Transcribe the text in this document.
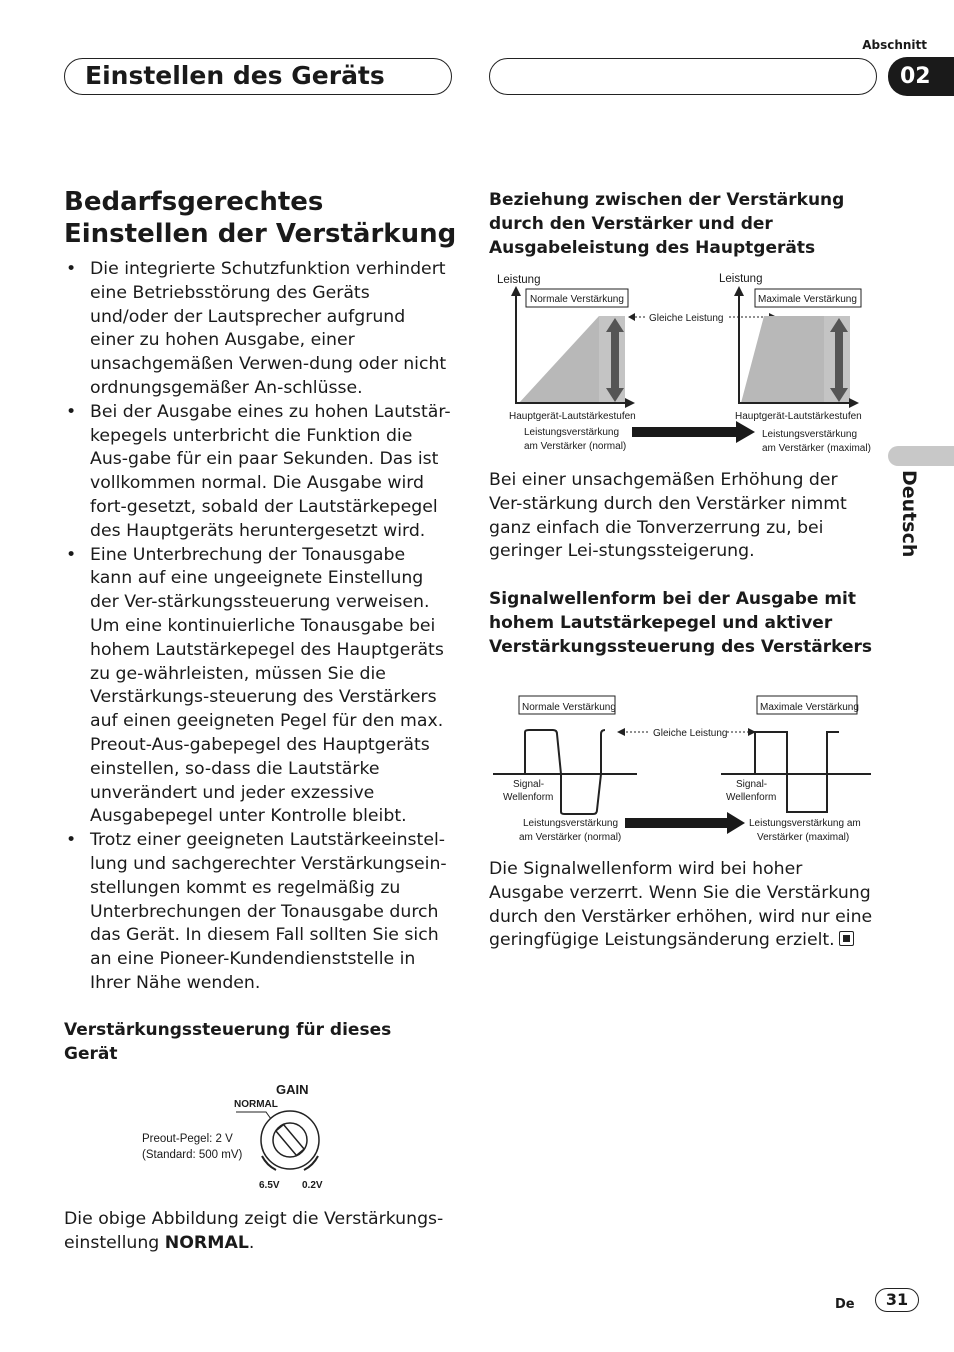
Einstellen des Geräts
Abschnitt
02
Deutsch
Bedarfsgerechtes
Einstellen der Verstärkung
• Die integrierte Schutzfunktion verhindert eine Betriebsstörung des Geräts und/oder der Lautsprecher aufgrund einer zu hohen Ausgabe, einer unsachgemäßen Verwen-dung oder nicht ordnungsgemäßer An-schlüsse.
• Bei der Ausgabe eines zu hohen Lautstär-kepegels unterbricht die Funktion die Aus-gabe für ein paar Sekunden. Das ist vollkommen normal. Die Ausgabe wird fort-gesetzt, sobald der Lautstärkepegel des Hauptgeräts heruntergesetzt wird.
• Eine Unterbrechung der Tonausgabe kann auf eine ungeeignete Einstellung der Ver-stärkungssteuerung verweisen. Um eine kontinuierliche Tonausgabe bei hohem Lautstärkepegel des Hauptgeräts zu ge-währleisten, müssen Sie die Verstärkungs-steuerung des Verstärkers auf einen geeigneten Pegel für den max. Preout-Aus-gabepegel des Hauptgeräts einstellen, so-dass die Lautstärke unverändert und jeder exzessive Ausgabepegel unter Kontrolle bleibt.
• Trotz einer geeigneten Lautstärkeeinstel-lung und sachgerechter Verstärkungsein-stellungen kommt es regelmäßig zu Unterbrechungen der Tonausgabe durch das Gerät. In diesem Fall sollten Sie sich an eine Pioneer-Kundendienststelle in Ihrer Nähe wenden.
Verstärkungssteuerung für dieses Gerät
GAIN
NORMAL
Preout-Pegel: 2 V
(Standard: 500 mV)
6.5V 0.2V

Die obige Abbildung zeigt die Verstärkungs-einstellung NORMAL.

Beziehung zwischen der Verstärkung durch den Verstärker und der Ausgabeleistung des Hauptgeräts
Leistung
Normale Verstärkung
Hauptgerät-Lautstärkestufen
Leistungsverstärkung
am Verstärker (normal)
Gleiche Leistung
Leistung
Maximale Verstärkung
Hauptgerät-Lautstärkestufen
Leistungsverstärkung
am Verstärker (maximal)

Bei einer unsachgemäßen Erhöhung der Ver-stärkung durch den Verstärker nimmt ganz einfach die Tonverzerrung zu, bei geringer Lei-stungssteigerung.

Signalwellenform bei der Ausgabe mit hohem Lautstärkepegel und aktiver Verstärkungssteuerung des Verstärkers
Normale Verstärkung
Signal-
Wellenform
Leistungsverstärkung
am Verstärker (normal)
Gleiche Leistung
Maximale Verstärkung
Signal-
Wellenform
Leistungsverstärkung am
Verstärker (maximal)

Die Signalwellenform wird bei hoher Ausgabe verzerrt. Wenn Sie die Verstärkung durch den Verstärker erhöhen, wird nur eine geringfügige Leistungsänderung erzielt.

De	31
